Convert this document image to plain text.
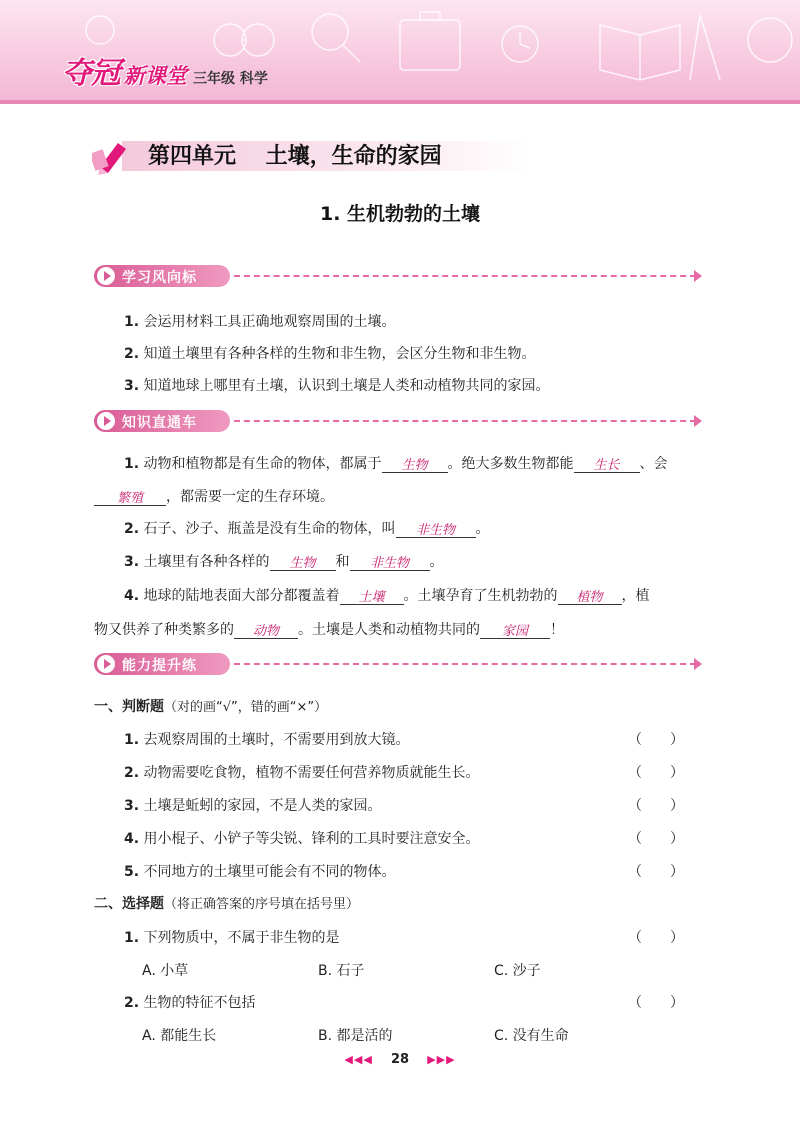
夺冠 新课堂 三年级 科学
第四单元　 土壤，生命的家园
1. 生机勃勃的土壤
学习风向标
1. 会运用材料工具正确地观察周围的土壤。
2. 知道土壤里有各种各样的生物和非生物，会区分生物和非生物。
3. 知道地球上哪里有土壤，认识到土壤是人类和动植物共同的家园。
知识直通车
1. 动物和植物都是有生命的物体，都属于 生物 。绝大多数生物都能 生长 、会
繁殖 ，都需要一定的生存环境。
2. 石子、沙子、瓶盖是没有生命的物体，叫 非生物 。
3. 土壤里有各种各样的 生物 和 非生物 。
4. 地球的陆地表面大部分都覆盖着 土壤 。土壤孕育了生机勃勃的 植物 ，植
物又供养了种类繁多的 动物 。土壤是人类和动植物共同的 家园 ！
能力提升练
一、判断题（对的画“√”，错的画“×”）
1. 去观察周围的土壤时，不需要用到放大镜。	（　　）
2. 动物需要吃食物，植物不需要任何营养物质就能生长。	（　　）
3. 土壤是蚯蚓的家园，不是人类的家园。	（　　）
4. 用小棍子、小铲子等尖锐、锋利的工具时要注意安全。	（　　）
5. 不同地方的土壤里可能会有不同的物体。	（　　）
二、选择题（将正确答案的序号填在括号里）
1. 下列物质中，不属于非生物的是	（　　）
A. 小草	B. 石子	C. 沙子
2. 生物的特征不包括	（　　）
A. 都能生长	B. 都是活的	C. 没有生命
◀◀◀ 28 ▶▶▶
